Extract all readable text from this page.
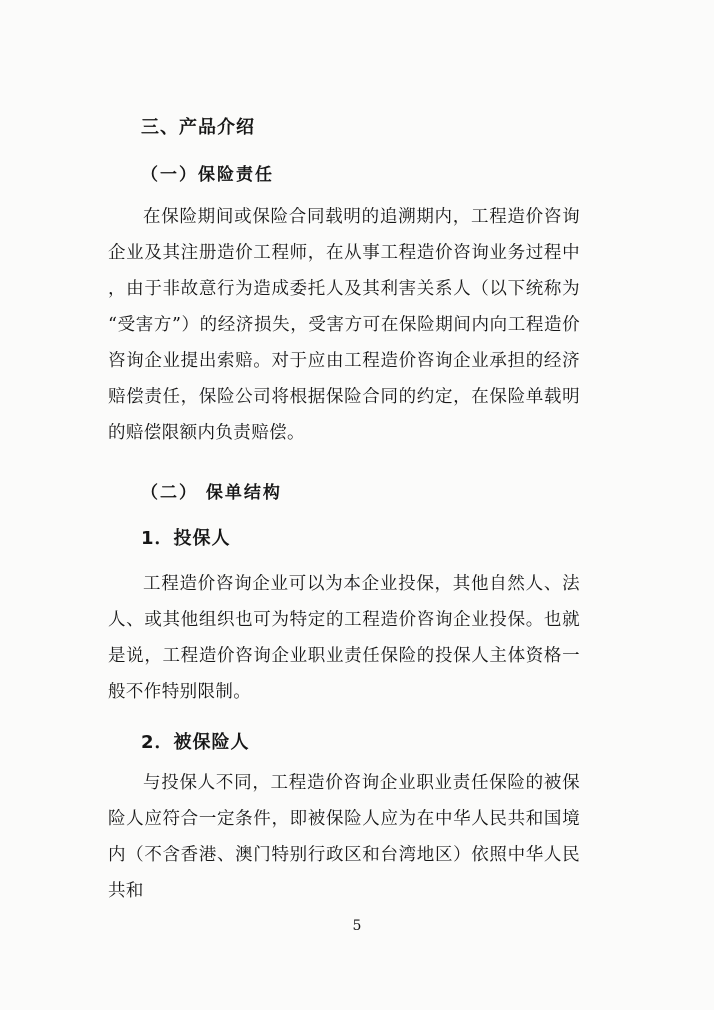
三、产品介绍
（一）保险责任

在保险期间或保险合同载明的追溯期内，工程造价咨询企业及其注册造价工程师，在从事工程造价咨询业务过程中，由于非故意行为造成委托人及其利害关系人（以下统称为“受害方”）的经济损失，受害方可在保险期间内向工程造价咨询企业提出索赔。对于应由工程造价咨询企业承担的经济赔偿责任，保险公司将根据保险合同的约定，在保险单载明的赔偿限额内负责赔偿。

（二） 保单结构
1．投保人

工程造价咨询企业可以为本企业投保，其他自然人、法人、或其他组织也可为特定的工程造价咨询企业投保。也就是说，工程造价咨询企业职业责任保险的投保人主体资格一般不作特别限制。

2．被保险人

与投保人不同，工程造价咨询企业职业责任保险的被保险人应符合一定条件，即被保险人应为在中华人民共和国境内（不含香港、澳门特别行政区和台湾地区）依照中华人民共和

5
